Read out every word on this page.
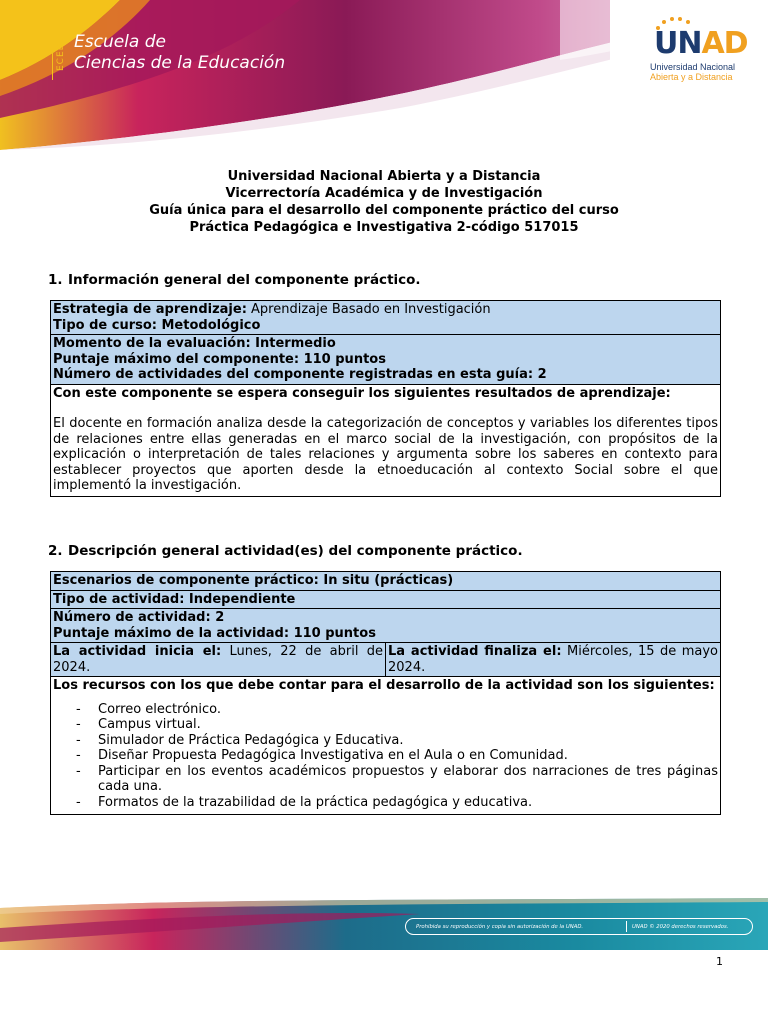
ECEDU Escuela de
Ciencias de la Educación
UNAD
Universidad Nacional
Abierta y a Distancia
Universidad Nacional Abierta y a Distancia
Vicerrectoría Académica y de Investigación
Guía única para el desarrollo del componente práctico del curso
Práctica Pedagógica e Investigativa 2-código 517015
1. Información general del componente práctico.
Estrategia de aprendizaje: Aprendizaje Basado en Investigación
Tipo de curso: Metodológico

Momento de la evaluación: Intermedio
Puntaje máximo del componente: 110 puntos
Número de actividades del componente registradas en esta guía: 2

Con este componente se espera conseguir los siguientes resultados de aprendizaje:
El docente en formación analiza desde la categorización de conceptos y variables los diferentes tipos de relaciones entre ellas generadas en el marco social de la investigación, con propósitos de la explicación o interpretación de tales relaciones y argumenta sobre los saberes en contexto para establecer proyectos que aporten desde la etnoeducación al contexto Social sobre el que implementó la investigación.
2. Descripción general actividad(es) del componente práctico.
Escenarios de componente práctico: In situ (prácticas)
Tipo de actividad: Independiente

Número de actividad: 2
Puntaje máximo de la actividad: 110 puntos

La actividad inicia el: Lunes, 22 de abril de 2024.	La actividad finaliza el: Miércoles, 15 de mayo 2024.

Los recursos con los que debe contar para el desarrollo de la actividad son los siguientes:
- Correo electrónico.
- Campus virtual.
- Simulador de Práctica Pedagógica y Educativa.
- Diseñar Propuesta Pedagógica Investigativa en el Aula o en Comunidad.
- Participar en los eventos académicos propuestos y elaborar dos narraciones de tres páginas cada una.
- Formatos de la trazabilidad de la práctica pedagógica y educativa.
Prohibida su reproducción y copia sin autorización de la UNAD.	UNAD © 2020 derechos reservados.
1
